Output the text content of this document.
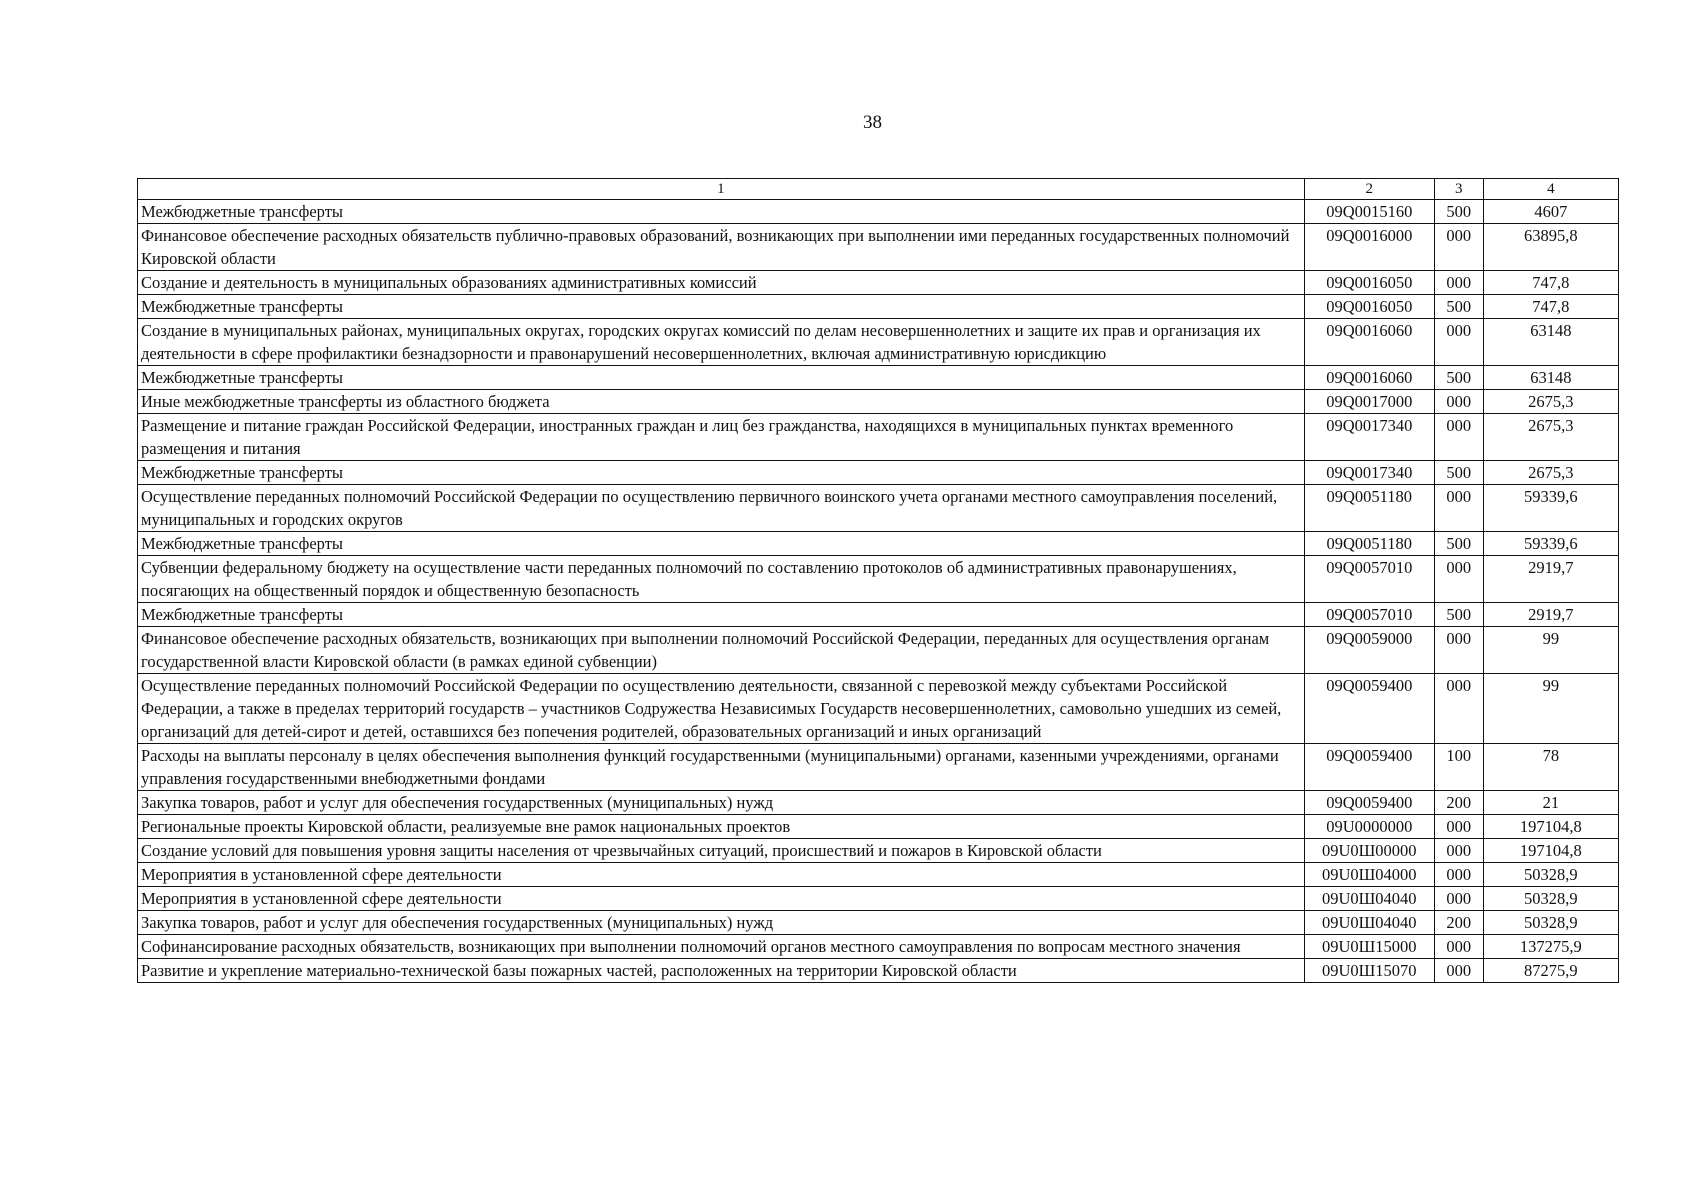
38
1	2	3	4
Межбюджетные трансферты	09Q0015160	500	4607
Финансовое обеспечение расходных обязательств публично-правовых образований, возникающих при выполнении ими переданных государственных полномочий Кировской области	09Q0016000	000	63895,8
Создание и деятельность в муниципальных образованиях административных комиссий	09Q0016050	000	747,8
Межбюджетные трансферты	09Q0016050	500	747,8
Создание в муниципальных районах, муниципальных округах, городских округах комиссий по делам несовершеннолетних и защите их прав и организация их деятельности в сфере профилактики безнадзорности и правонарушений несовершеннолетних, включая административную юрисдикцию	09Q0016060	000	63148
Межбюджетные трансферты	09Q0016060	500	63148
Иные межбюджетные трансферты из областного бюджета	09Q0017000	000	2675,3
Размещение и питание граждан Российской Федерации, иностранных граждан и лиц без гражданства, находящихся в муниципальных пунктах временного размещения и питания	09Q0017340	000	2675,3
Межбюджетные трансферты	09Q0017340	500	2675,3
Осуществление переданных полномочий Российской Федерации по осуществлению первичного воинского учета органами местного самоуправления поселений, муниципальных и городских округов	09Q0051180	000	59339,6
Межбюджетные трансферты	09Q0051180	500	59339,6
Субвенции федеральному бюджету на осуществление части переданных полномочий по составлению протоколов об административных правонарушениях, посягающих на общественный порядок и общественную безопасность	09Q0057010	000	2919,7
Межбюджетные трансферты	09Q0057010	500	2919,7
Финансовое обеспечение расходных обязательств, возникающих при выполнении полномочий Российской Федерации, переданных для осуществления органам государственной власти Кировской области (в рамках единой субвенции)	09Q0059000	000	99
Осуществление переданных полномочий Российской Федерации по осуществлению деятельности, связанной с перевозкой между субъектами Российской Федерации, а также в пределах территорий государств – участников Содружества Независимых Государств несовершеннолетних, самовольно ушедших из семей, организаций для детей-сирот и детей, оставшихся без попечения родителей, образовательных организаций и иных организаций	09Q0059400	000	99
Расходы на выплаты персоналу в целях обеспечения выполнения функций государственными (муниципальными) органами, казенными учреждениями, органами управления государственными внебюджетными фондами	09Q0059400	100	78
Закупка товаров, работ и услуг для обеспечения государственных (муниципальных) нужд	09Q0059400	200	21
Региональные проекты Кировской области, реализуемые вне рамок национальных проектов	09U0000000	000	197104,8
Создание условий для повышения уровня защиты населения от чрезвычайных ситуаций, происшествий и пожаров в Кировской области	09U0Ш00000	000	197104,8
Мероприятия в установленной сфере деятельности	09U0Ш04000	000	50328,9
Мероприятия в установленной сфере деятельности	09U0Ш04040	000	50328,9
Закупка товаров, работ и услуг для обеспечения государственных (муниципальных) нужд	09U0Ш04040	200	50328,9
Софинансирование расходных обязательств, возникающих при выполнении полномочий органов местного самоуправления по вопросам местного значения	09U0Ш15000	000	137275,9
Развитие и укрепление материально-технической базы пожарных частей, расположенных на территории Кировской области	09U0Ш15070	000	87275,9
